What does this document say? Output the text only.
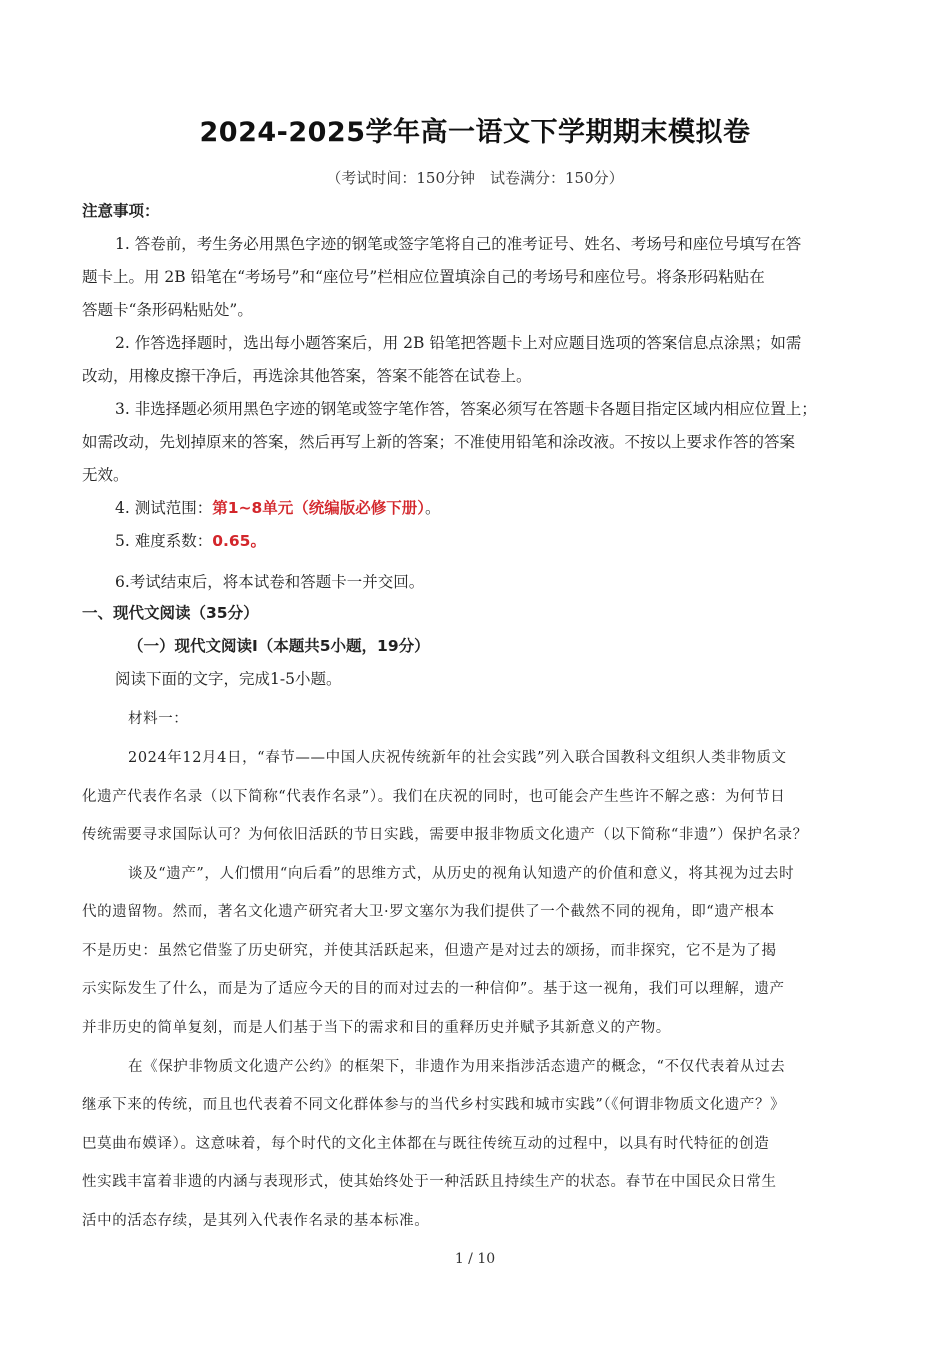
2024-2025学年高一语文下学期期末模拟卷
（考试时间：150分钟　试卷满分：150分）
注意事项：
1. 答卷前，考生务必用黑色字迹的钢笔或签字笔将自己的准考证号、姓名、考场号和座位号填写在答
题卡上。用 2B 铅笔在“考场号”和“座位号”栏相应位置填涂自己的考场号和座位号。将条形码粘贴在
答题卡“条形码粘贴处”。
2. 作答选择题时，选出每小题答案后，用 2B 铅笔把答题卡上对应题目选项的答案信息点涂黑；如需
改动，用橡皮擦干净后，再选涂其他答案，答案不能答在试卷上。
3. 非选择题必须用黑色字迹的钢笔或签字笔作答，答案必须写在答题卡各题目指定区域内相应位置上；
如需改动，先划掉原来的答案，然后再写上新的答案；不准使用铅笔和涂改液。不按以上要求作答的答案
无效。
4. 测试范围：第1~8单元（统编版必修下册）。
5. 难度系数：0.65。
6.考试结束后，将本试卷和答题卡一并交回。
一、现代文阅读（35分）
（一）现代文阅读Ⅰ（本题共5小题，19分）
阅读下面的文字，完成1-5小题。
材料一：
2024年12月4日，“春节——中国人庆祝传统新年的社会实践”列入联合国教科文组织人类非物质文
化遗产代表作名录（以下简称“代表作名录”）。我们在庆祝的同时，也可能会产生些许不解之惑：为何节日
传统需要寻求国际认可？为何依旧活跃的节日实践，需要申报非物质文化遗产（以下简称“非遗”）保护名录？
谈及“遗产”，人们惯用“向后看”的思维方式，从历史的视角认知遗产的价值和意义，将其视为过去时
代的遗留物。然而，著名文化遗产研究者大卫·罗文塞尔为我们提供了一个截然不同的视角，即“遗产根本
不是历史：虽然它借鉴了历史研究，并使其活跃起来，但遗产是对过去的颂扬，而非探究，它不是为了揭
示实际发生了什么，而是为了适应今天的目的而对过去的一种信仰”。基于这一视角，我们可以理解，遗产
并非历史的简单复刻，而是人们基于当下的需求和目的重释历史并赋予其新意义的产物。
在《保护非物质文化遗产公约》的框架下，非遗作为用来指涉活态遗产的概念，“不仅代表着从过去
继承下来的传统，而且也代表着不同文化群体参与的当代乡村实践和城市实践”（《何谓非物质文化遗产？》
巴莫曲布嫫译）。这意味着，每个时代的文化主体都在与既往传统互动的过程中，以具有时代特征的创造
性实践丰富着非遗的内涵与表现形式，使其始终处于一种活跃且持续生产的状态。春节在中国民众日常生
活中的活态存续，是其列入代表作名录的基本标准。
1 / 10
